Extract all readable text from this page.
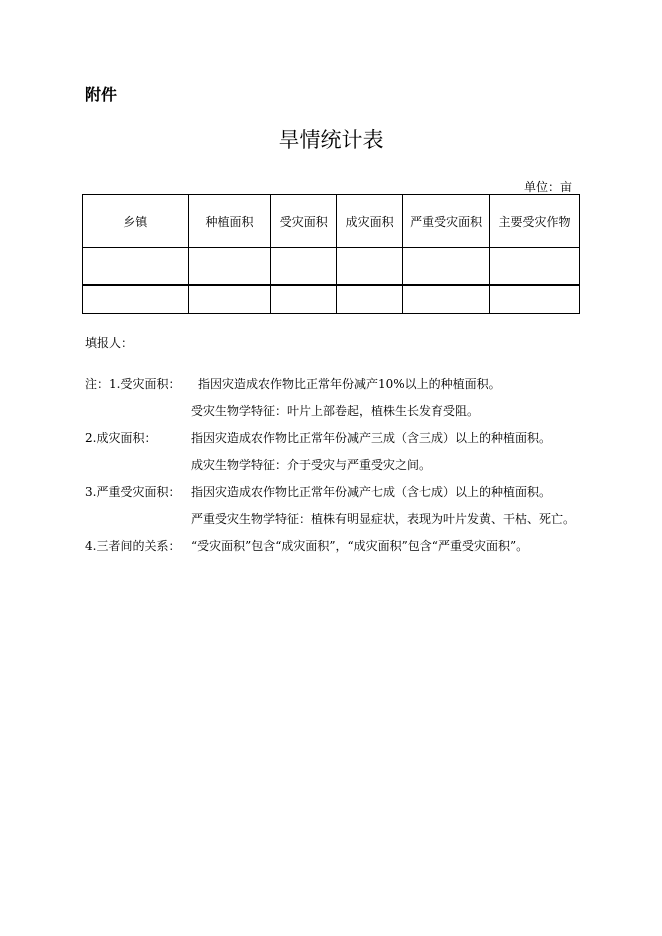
附件
旱情统计表
单位：亩
乡镇	种植面积	受灾面积	成灾面积	严重受灾面积	主要受灾作物

填报人：
注：1.受灾面积： 指因灾造成农作物比正常年份减产10%以上的种植面积。
受灾生物学特征：叶片上部卷起，植株生长发育受阻。
2.成灾面积：	指因灾造成农作物比正常年份减产三成（含三成）以上的种植面积。
成灾生物学特征：介于受灾与严重受灾之间。
3.严重受灾面积： 指因灾造成农作物比正常年份减产七成（含七成）以上的种植面积。
严重受灾生物学特征：植株有明显症状，表现为叶片发黄、干枯、死亡。
4.三者间的关系： “受灾面积”包含“成灾面积”，“成灾面积”包含“严重受灾面积”。
